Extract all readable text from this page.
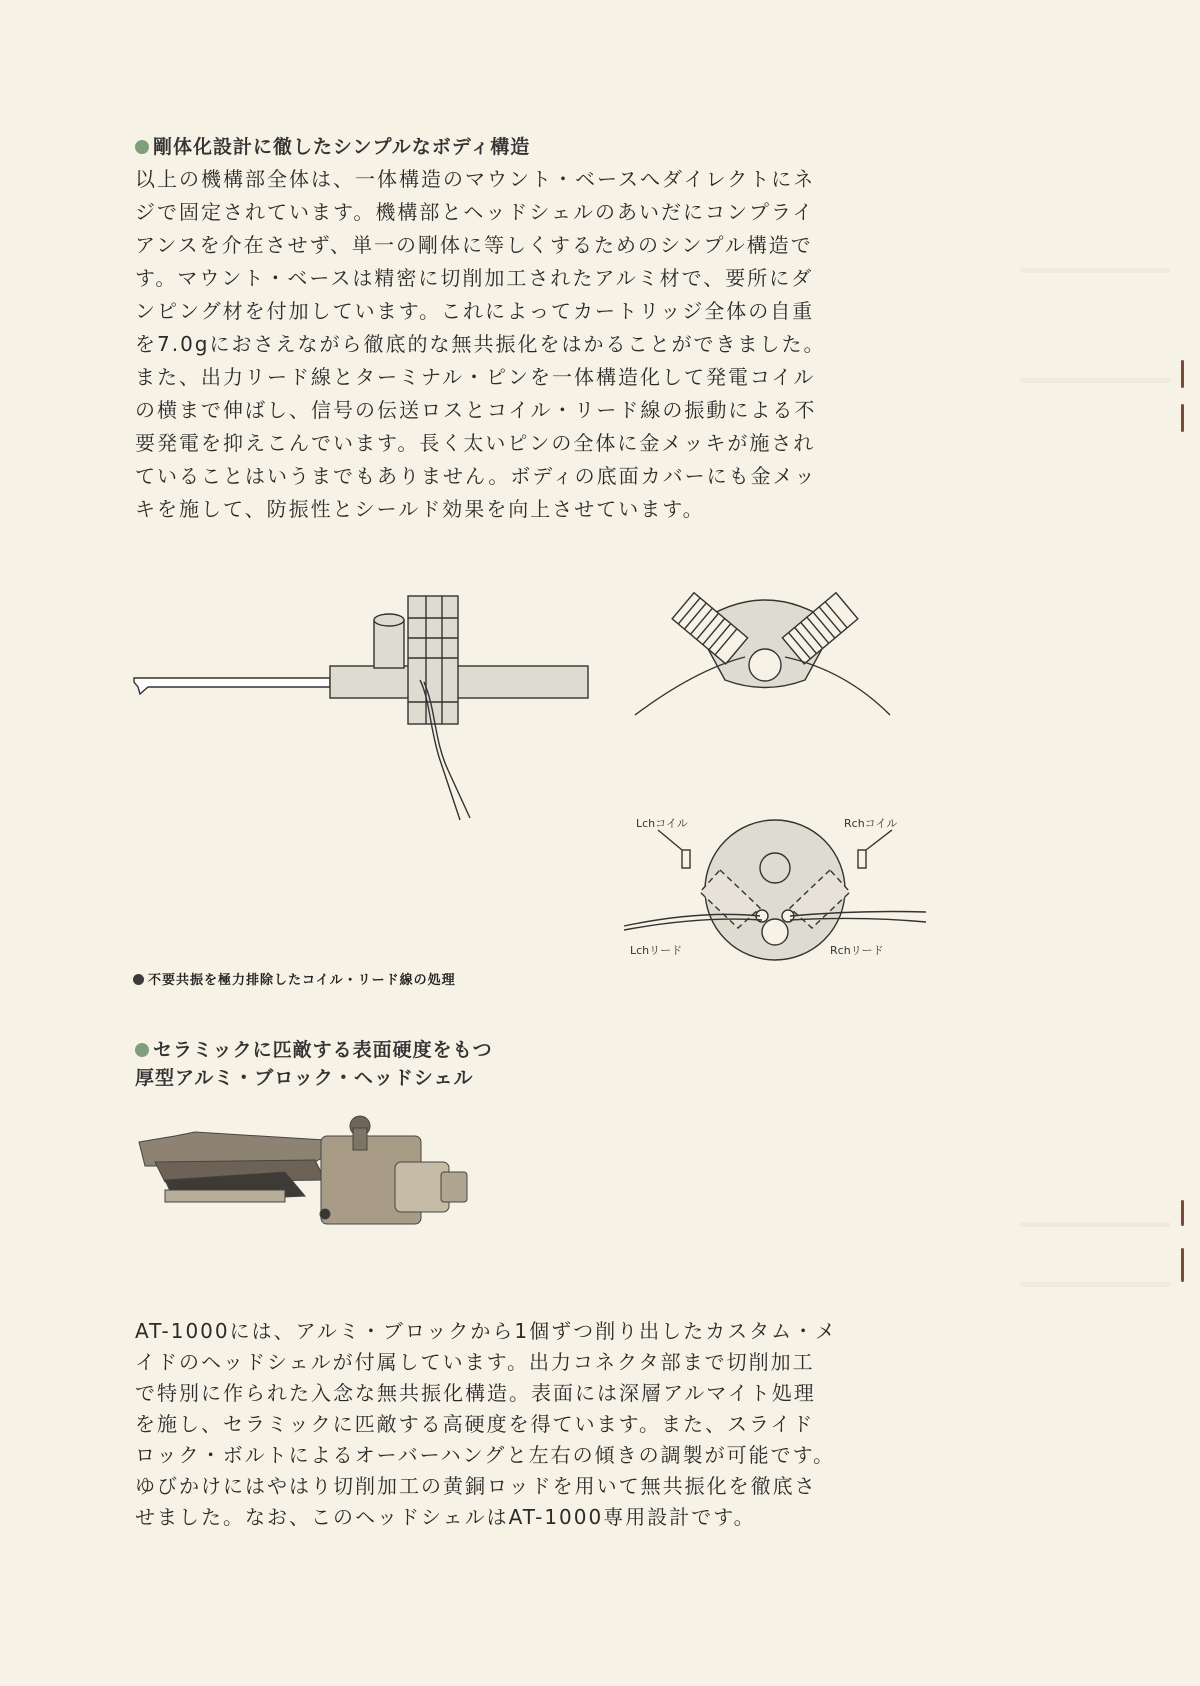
剛体化設計に徹したシンプルなボディ構造
以上の機構部全体は、一体構造のマウント・ベースへダイレクトにネ
ジで固定されています。機構部とヘッドシェルのあいだにコンプライ
アンスを介在させず、単一の剛体に等しくするためのシンプル構造で
す。マウント・ベースは精密に切削加工されたアルミ材で、要所にダ
ンピング材を付加しています。これによってカートリッジ全体の自重
を7.0gにおさえながら徹底的な無共振化をはかることができました。
また、出力リード線とターミナル・ピンを一体構造化して発電コイル
の横まで伸ばし、信号の伝送ロスとコイル・リード線の振動による不
要発電を抑えこんでいます。長く太いピンの全体に金メッキが施され
ていることはいうまでもありません。ボディの底面カバーにも金メッ
キを施して、防振性とシールド効果を向上させています。
Lchコイル	Rchコイル
Lchリード	Rchリード
不要共振を極力排除したコイル・リード線の処理
セラミックに匹敵する表面硬度をもつ
厚型アルミ・ブロック・ヘッドシェル
AT-1000には、アルミ・ブロックから1個ずつ削り出したカスタム・メ
イドのヘッドシェルが付属しています。出力コネクタ部まで切削加工
で特別に作られた入念な無共振化構造。表面には深層アルマイト処理
を施し、セラミックに匹敵する高硬度を得ています。また、スライド
ロック・ボルトによるオーバーハングと左右の傾きの調製が可能です。
ゆびかけにはやはり切削加工の黄銅ロッドを用いて無共振化を徹底さ
せました。なお、このヘッドシェルはAT-1000専用設計です。
